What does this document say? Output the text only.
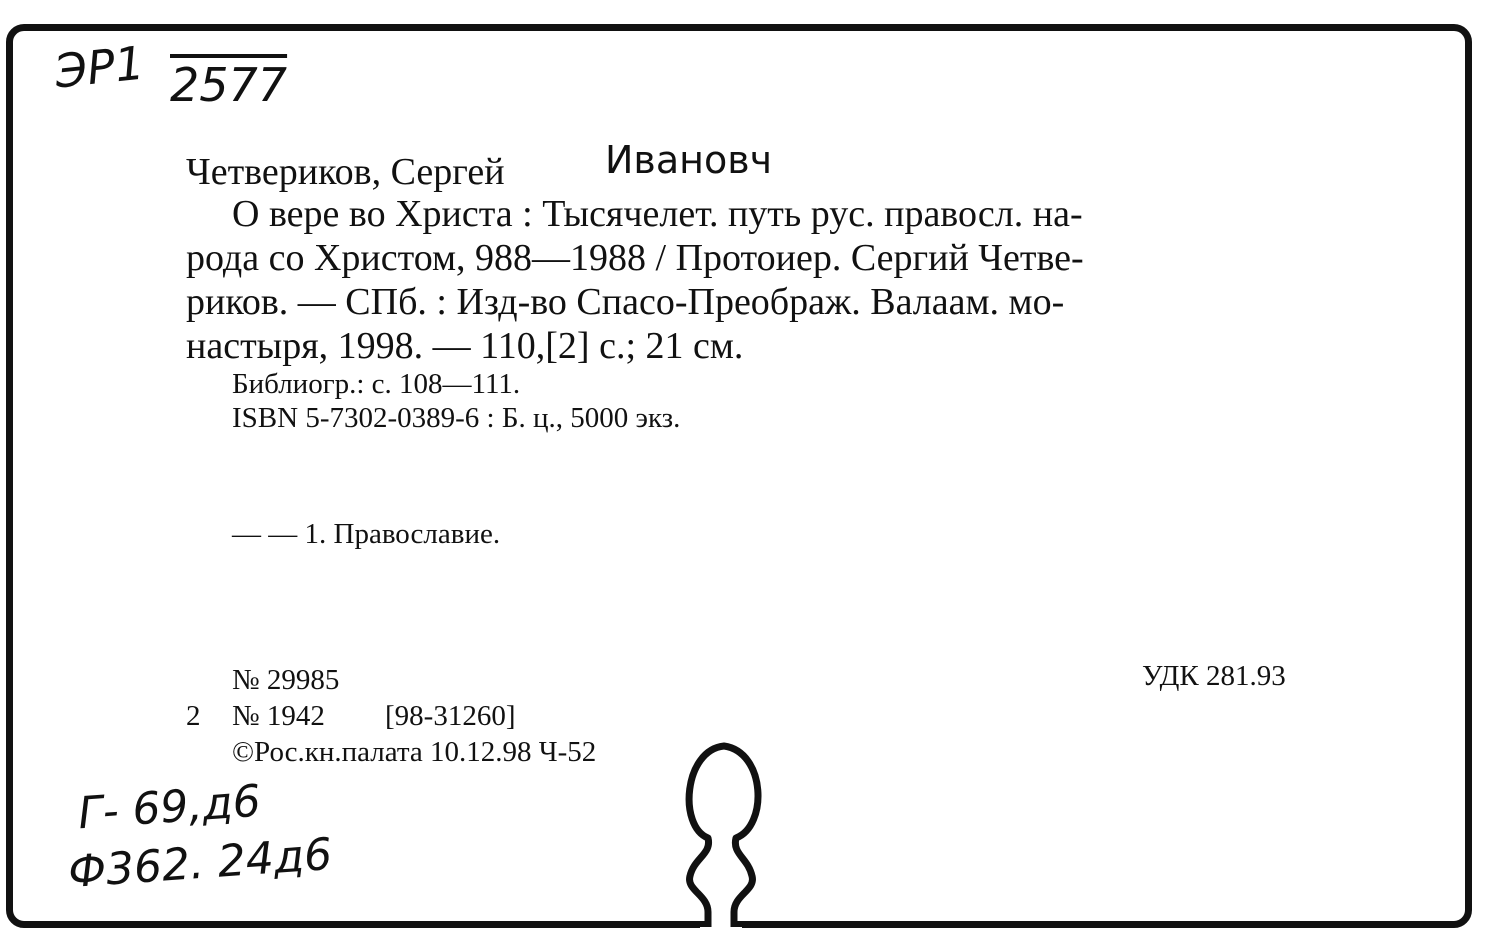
ЭР1 2577

Четвериков, Сергей	Ивановч

О вере во Христа : Тысячелет. путь рус. правосл. на-

рода со Христом, 988—1988 / Протоиер. Сергий Четве-

риков. — СПб. : Изд-во Спасо-Преображ. Валаам. мо-

настыря, 1998. — 110,[2] с.; 21 см.

Библиогр.: с. 108—111.

ISBN 5-7302-0389-6 : Б. ц., 5000 экз.

— — 1. Православие.

№ 29985

2 № 1942 [98-31260]

©Рос.кн.палата 10.12.98 Ч-52

УДК 281.93

Г- 69,д6

Ф362. 24д6
